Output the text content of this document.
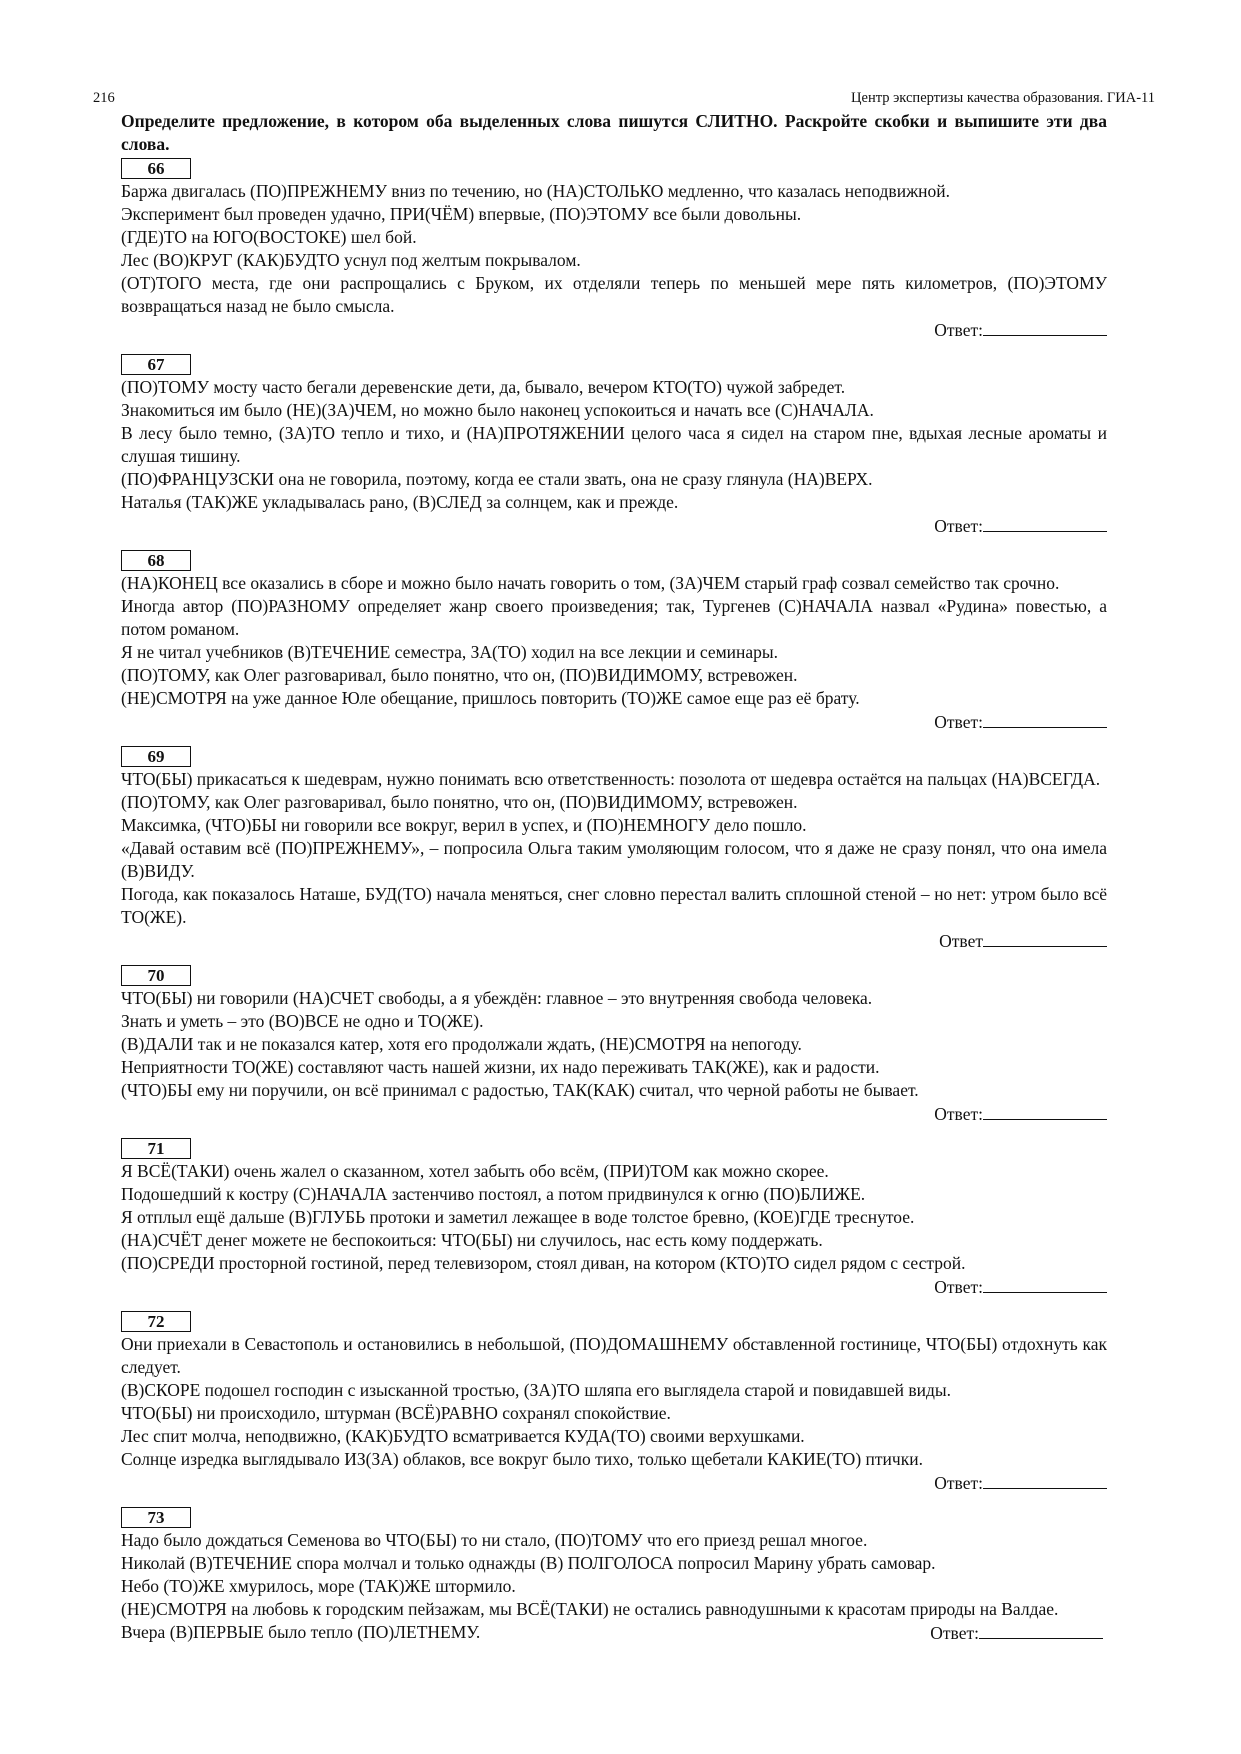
216	Центр экспертизы качества образования. ГИА-11

Определите предложение, в котором оба выделенных слова пишутся СЛИТНО. Раскройте скобки и выпишите эти два слова.

66

Баржа двигалась (ПО)ПРЕЖНЕМУ вниз по течению, но (НА)СТОЛЬКО медленно, что казалась неподвижной.

Эксперимент был проведен удачно, ПРИ(ЧЁМ) впервые, (ПО)ЭТОМУ все были довольны.

(ГДЕ)ТО на ЮГО(ВОСТОКЕ) шел бой.

Лес (ВО)КРУГ (КАК)БУДТО уснул под желтым покрывалом.

(ОТ)ТОГО места, где они распрощались с Бруком, их отделяли теперь по меньшей мере пять километров, (ПО)ЭТОМУ возвращаться назад не было смысла.

Ответ:
67

(ПО)ТОМУ мосту часто бегали деревенские дети, да, бывало, вечером КТО(ТО) чужой забредет.

Знакомиться им было (НЕ)(ЗА)ЧЕМ, но можно было наконец успокоиться и начать все (С)НАЧАЛА.

В лесу было темно, (ЗА)ТО тепло и тихо, и (НА)ПРОТЯЖЕНИИ целого часа я сидел на старом пне, вдыхая лесные ароматы и слушая тишину.

(ПО)ФРАНЦУЗСКИ она не говорила, поэтому, когда ее стали звать, она не сразу глянула (НА)ВЕРХ.

Наталья (ТАК)ЖЕ укладывалась рано, (В)СЛЕД за солнцем, как и прежде.

Ответ:
68

(НА)КОНЕЦ все оказались в сборе и можно было начать говорить о том, (ЗА)ЧЕМ старый граф созвал семейство так срочно.

Иногда автор (ПО)РАЗНОМУ определяет жанр своего произведения; так, Тургенев (С)НАЧАЛА назвал «Рудина» повестью, а потом романом.

Я не читал учебников (В)ТЕЧЕНИЕ семестра, ЗА(ТО) ходил на все лекции и семинары.

(ПО)ТОМУ, как Олег разговаривал, было понятно, что он, (ПО)ВИДИМОМУ, встревожен.

(НЕ)СМОТРЯ на уже данное Юле обещание, пришлось повторить (ТО)ЖЕ самое еще раз её брату.

Ответ:
69

ЧТО(БЫ) прикасаться к шедеврам, нужно понимать всю ответственность: позолота от шедевра остаётся на пальцах (НА)ВСЕГДА.

(ПО)ТОМУ, как Олег разговаривал, было понятно, что он, (ПО)ВИДИМОМУ, встревожен.

Максимка, (ЧТО)БЫ ни говорили все вокруг, верил в успех, и (ПО)НЕМНОГУ дело пошло.

«Давай оставим всё (ПО)ПРЕЖНЕМУ», – попросила Ольга таким умоляющим голосом, что я даже не сразу понял, что она имела (В)ВИДУ.

Погода, как показалось Наташе, БУД(ТО) начала меняться, снег словно перестал валить сплошной стеной – но нет: утром было всё ТО(ЖЕ).

Ответ
70

ЧТО(БЫ) ни говорили (НА)СЧЕТ свободы, а я убеждён: главное – это внутренняя свобода человека.

Знать и уметь – это (ВО)ВСЕ не одно и ТО(ЖЕ).

(В)ДАЛИ так и не показался катер, хотя его продолжали ждать, (НЕ)СМОТРЯ на непогоду.

Неприятности ТО(ЖЕ) составляют часть нашей жизни, их надо переживать ТАК(ЖЕ), как и радости.

(ЧТО)БЫ ему ни поручили, он всё принимал с радостью, ТАК(КАК) считал, что черной работы не бывает.

Ответ:
71

Я ВСЁ(ТАКИ) очень жалел о сказанном, хотел забыть обо всём, (ПРИ)ТОМ как можно скорее.

Подошедший к костру (С)НАЧАЛА застенчиво постоял, а потом придвинулся к огню (ПО)БЛИЖЕ.

Я отплыл ещё дальше (В)ГЛУБЬ протоки и заметил лежащее в воде толстое бревно, (КОЕ)ГДЕ треснутое.

(НА)СЧЁТ денег можете не беспокоиться: ЧТО(БЫ) ни случилось, нас есть кому поддержать.

(ПО)СРЕДИ просторной гостиной, перед телевизором, стоял диван, на котором (КТО)ТО сидел рядом с сестрой.

Ответ:
72

Они приехали в Севастополь и остановились в небольшой, (ПО)ДОМАШНЕМУ обставленной гостинице, ЧТО(БЫ) отдохнуть как следует.

(В)СКОРЕ подошел господин с изысканной тростью, (ЗА)ТО шляпа его выглядела старой и повидавшей виды.

ЧТО(БЫ) ни происходило, штурман (ВСЁ)РАВНО сохранял спокойствие.

Лес спит молча, неподвижно, (КАК)БУДТО всматривается КУДА(ТО) своими верхушками.

Солнце изредка выглядывало ИЗ(ЗА) облаков, все вокруг было тихо, только щебетали КАКИЕ(ТО) птички.

Ответ:
73

Надо было дождаться Семенова во ЧТО(БЫ) то ни стало, (ПО)ТОМУ что его приезд решал многое.

Николай (В)ТЕЧЕНИЕ спора молчал и только однажды (В) ПОЛГОЛОСА попросил Марину убрать самовар.

Небо (ТО)ЖЕ хмурилось, море (ТАК)ЖЕ штормило.

(НЕ)СМОТРЯ на любовь к городским пейзажам, мы ВСЁ(ТАКИ) не остались равнодушными к красотам природы на Валдае.

Вчера (В)ПЕРВЫЕ было тепло (ПО)ЛЕТНЕМУ.	Ответ:
